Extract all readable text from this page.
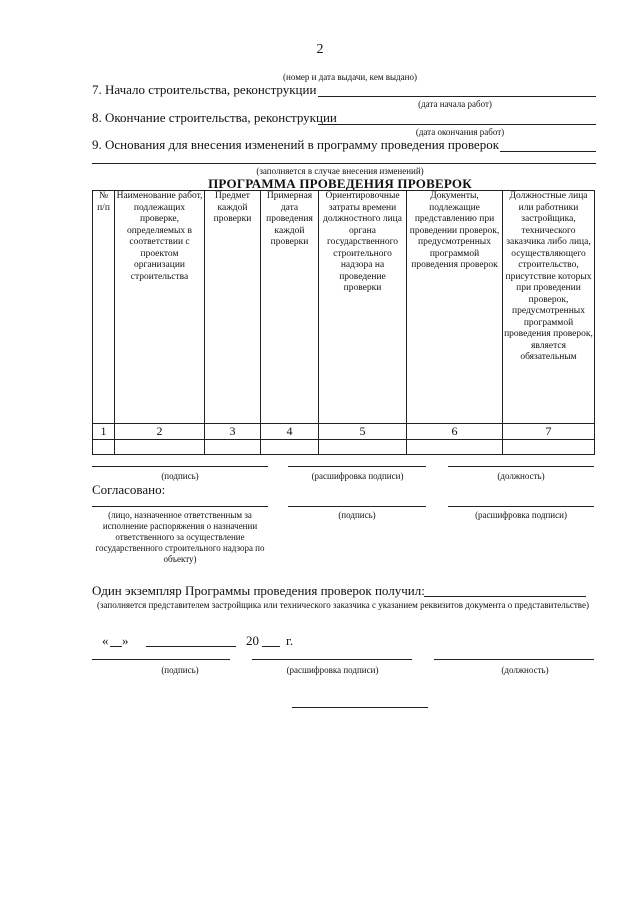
2
(номер и дата выдачи, кем выдано)
7. Начало строительства, реконструкции
(дата начала работ)
8. Окончание строительства, реконструкции
(дата окончания работ)
9. Основания для внесения изменений в программу проведения проверок
(заполняется в случае внесения изменений)
ПРОГРАММА ПРОВЕДЕНИЯ ПРОВЕРОК
№ п/п	Наименование работ, подлежащих проверке, определяемых в соответствии с проектом организации строительства	Предмет каждой проверки	Примерная дата проведения каждой проверки	Ориентировочные затраты времени должностного лица органа государственного строительного надзора на проведение проверки	Документы, подлежащие представлению при проведении проверок, предусмотренных программой проведения проверок	Должностные лица или работники застройщика, технического заказчика либо лица, осуществляющего строительство, присутствие которых при проведении проверок, предусмотренных программой проведения проверок, является обязательным
1	2	3	4	5	6	7

(подпись)	(расшифровка подписи)	(должность)
Согласовано:
(лицо, назначенное ответственным за исполнение распоряжения о назначении ответственного за осуществление государственного строительного надзора по объекту)
(подпись)	(расшифровка подписи)
Один экземпляр Программы проведения проверок получил:
(заполняется представителем застройщика или технического заказчика с указанием реквизитов документа о представительстве)
« »	20 г.
(подпись)	(расшифровка подписи)	(должность)
